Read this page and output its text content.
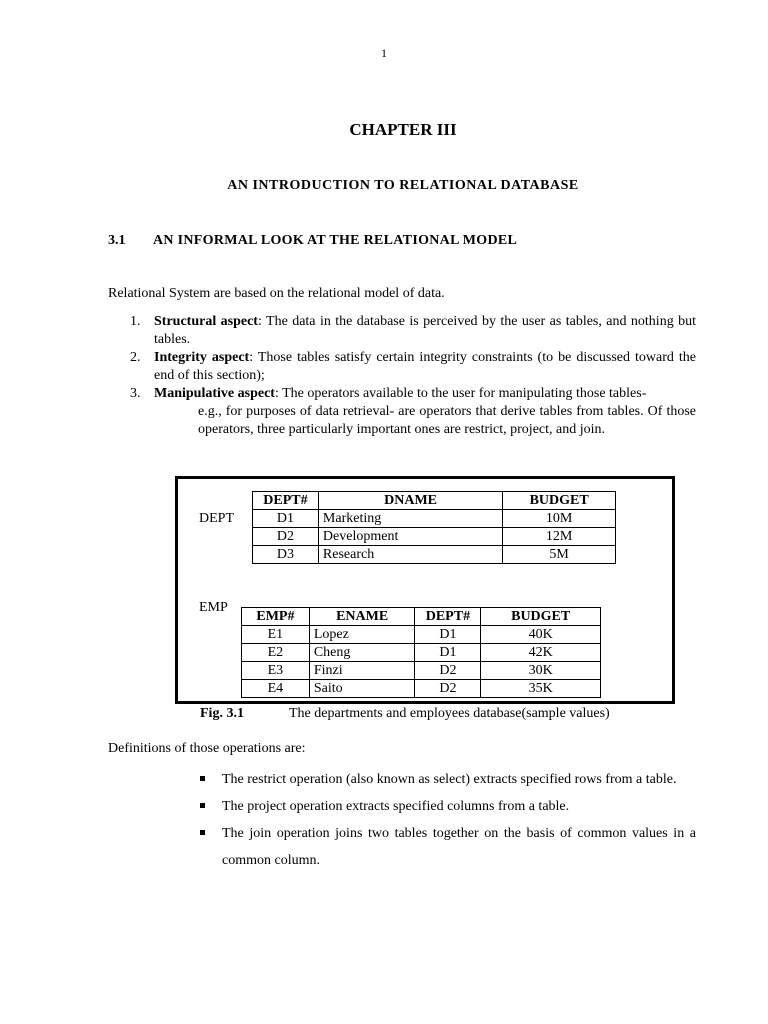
1
CHAPTER III
AN INTRODUCTION TO RELATIONAL DATABASE
3.1 AN INFORMAL LOOK AT THE RELATIONAL MODEL
Relational System are based on the relational model of data.
1. Structural aspect: The data in the database is perceived by the user as tables, and nothing but tables.
2. Integrity aspect: Those tables satisfy certain integrity constraints (to be discussed toward the end of this section);
3. Manipulative aspect: The operators available to the user for manipulating those tables-
e.g., for purposes of data retrieval- are operators that derive tables from tables. Of those operators, three particularly important ones are restrict, project, and join.
DEPT
DEPT#	DNAME	BUDGET
D1	Marketing	10M
D2	Development	12M
D3	Research	5M
EMP
EMP#	ENAME	DEPT#	BUDGET
E1	Lopez	D1	40K
E2	Cheng	D1	42K
E3	Finzi	D2	30K
E4	Saito	D2	35K
Fig. 3.1	The departments and employees database(sample values)
Definitions of those operations are:
The restrict operation (also known as select) extracts specified rows from a table.
The project operation extracts specified columns from a table.
The join operation joins two tables together on the basis of common values in a common column.
